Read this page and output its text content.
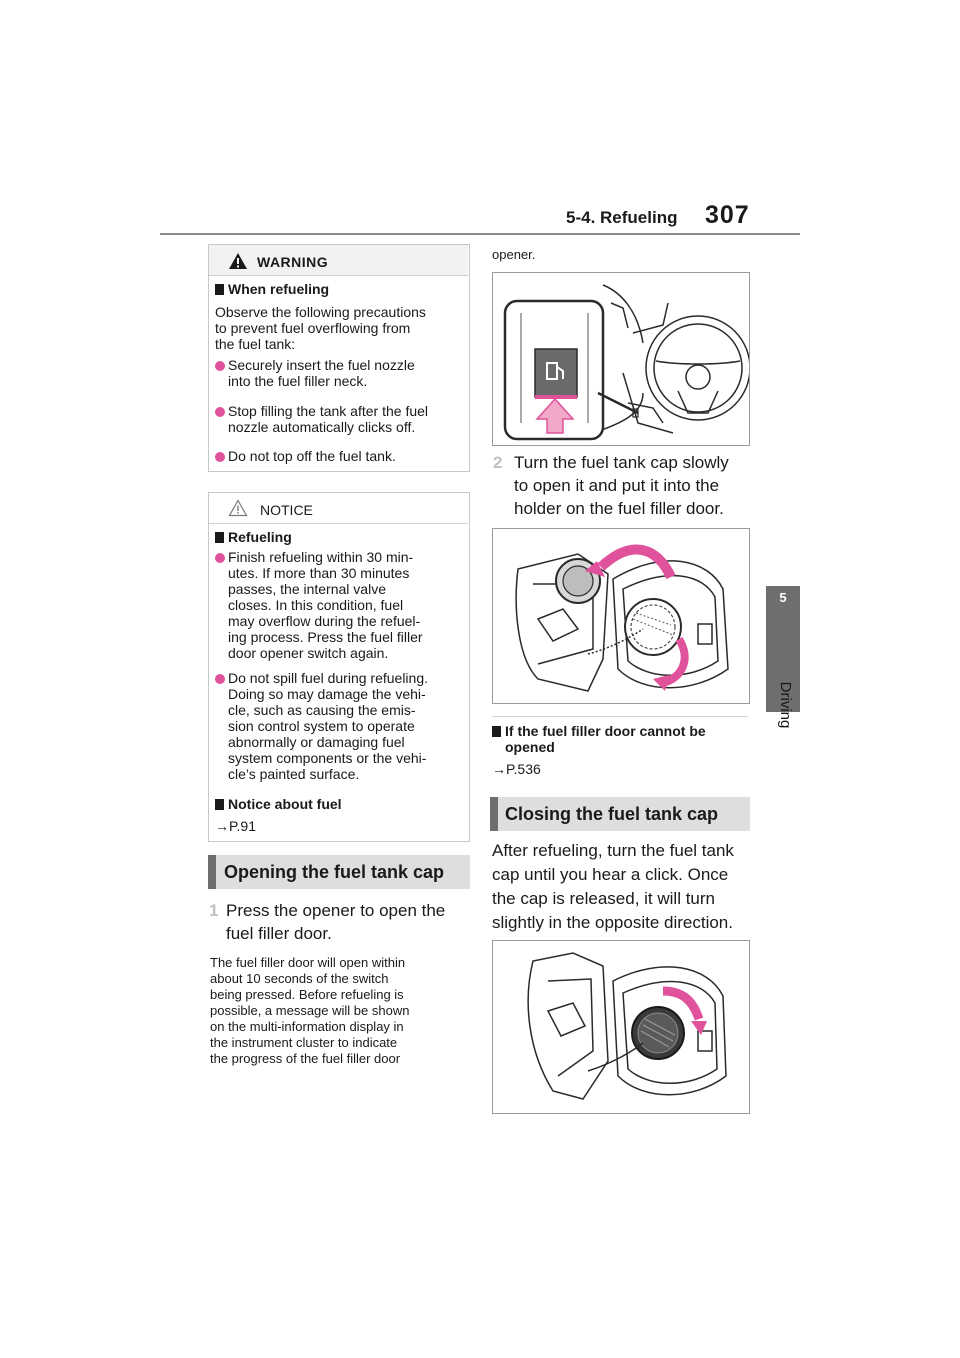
5-4. Refueling 307
5
Driving
WARNING
When refueling
Observe the following precautions
to prevent fuel overflowing from
the fuel tank:
Securely insert the fuel nozzle
into the fuel filler neck.
Stop filling the tank after the fuel
nozzle automatically clicks off.
Do not top off the fuel tank.
NOTICE
Refueling
Finish refueling within 30 min-
utes. If more than 30 minutes
passes, the internal valve
closes. In this condition, fuel
may overflow during the refuel-
ing process. Press the fuel filler
door opener switch again.
Do not spill fuel during refueling.
Doing so may damage the vehi-
cle, such as causing the emis-
sion control system to operate
abnormally or damaging fuel
system components or the vehi-
cle’s painted surface.
Notice about fuel
→P.91
Opening the fuel tank cap
1 Press the opener to open the
fuel filler door.
The fuel filler door will open within
about 10 seconds of the switch
being pressed. Before refueling is
possible, a message will be shown
on the multi-information display in
the instrument cluster to indicate
the progress of the fuel filler door
opener.
2 Turn the fuel tank cap slowly
to open it and put it into the
holder on the fuel filler door.
If the fuel filler door cannot be
opened
→P.536
Closing the fuel tank cap
After refueling, turn the fuel tank
cap until you hear a click. Once
the cap is released, it will turn
slightly in the opposite direction.
